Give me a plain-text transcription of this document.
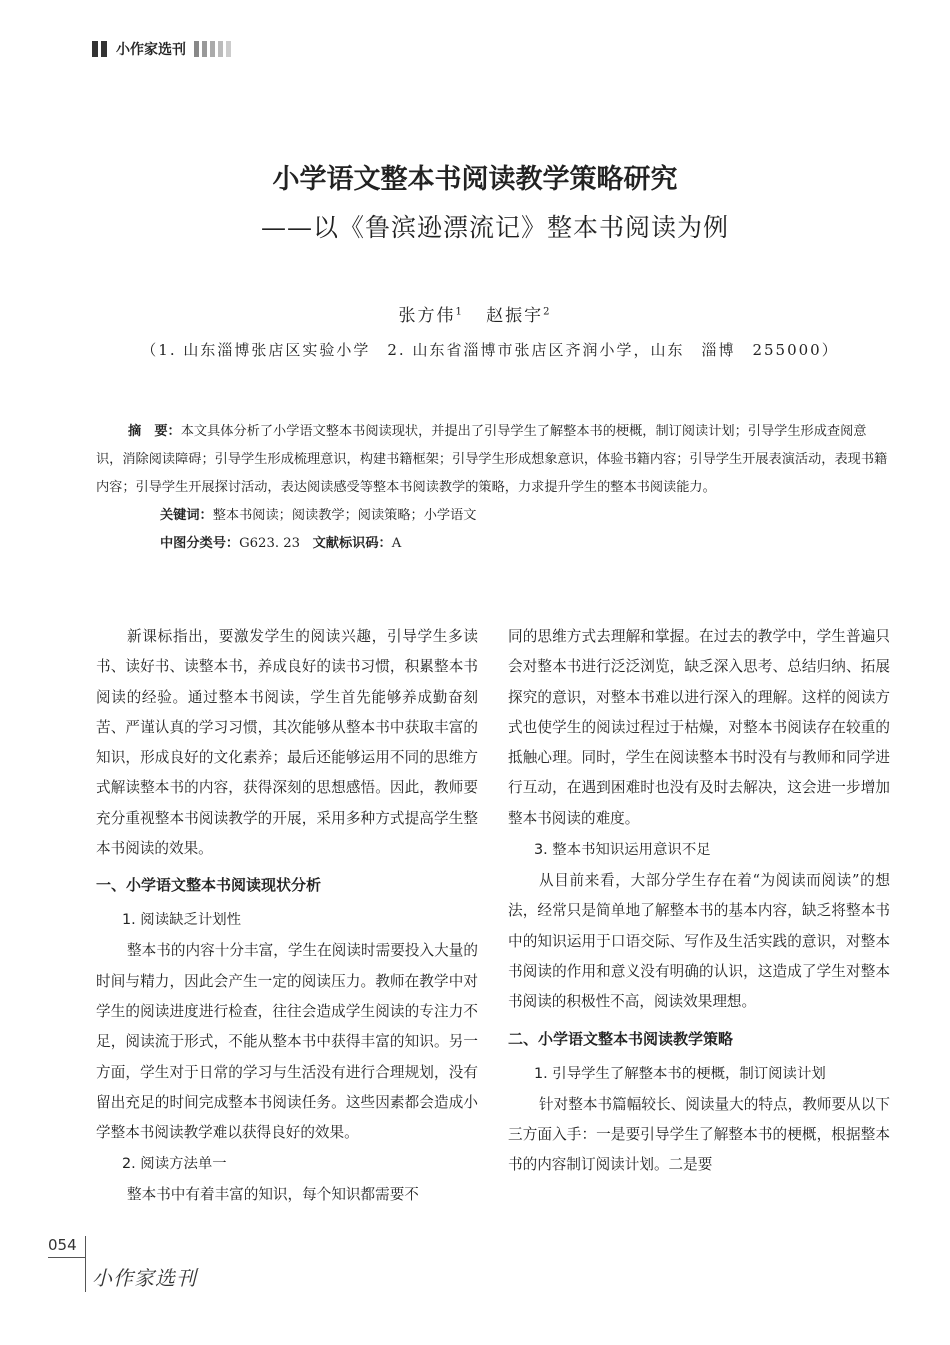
小作家选刊
小学语文整本书阅读教学策略研究
——以《鲁滨逊漂流记》整本书阅读为例
张方伟$^1$ 赵振宇$^2$
（1. 山东淄博张店区实验小学　2. 山东省淄博市张店区齐润小学，山东　淄博　255000）

摘　要：本文具体分析了小学语文整本书阅读现状，并提出了引导学生了解整本书的梗概，制订阅读计划；引导学生形成查阅意识，消除阅读障碍；引导学生形成梳理意识，构建书籍框架；引导学生形成想象意识，体验书籍内容；引导学生开展表演活动，表现书籍内容；引导学生开展探讨活动，表达阅读感受等整本书阅读教学的策略，力求提升学生的整本书阅读能力。

关键词：整本书阅读；阅读教学；阅读策略；小学语文

中图分类号：G623. 23 文献标识码：A

新课标指出，要激发学生的阅读兴趣，引导学生多读书、读好书、读整本书，养成良好的读书习惯，积累整本书阅读的经验。通过整本书阅读，学生首先能够养成勤奋刻苦、严谨认真的学习习惯，其次能够从整本书中获取丰富的知识，形成良好的文化素养；最后还能够运用不同的思维方式解读整本书的内容，获得深刻的思想感悟。因此，教师要充分重视整本书阅读教学的开展，采用多种方式提高学生整本书阅读的效果。

一、小学语文整本书阅读现状分析
1. 阅读缺乏计划性

整本书的内容十分丰富，学生在阅读时需要投入大量的时间与精力，因此会产生一定的阅读压力。教师在教学中对学生的阅读进度进行检查，往往会造成学生阅读的专注力不足，阅读流于形式，不能从整本书中获得丰富的知识。另一方面，学生对于日常的学习与生活没有进行合理规划，没有留出充足的时间完成整本书阅读任务。这些因素都会造成小学整本书阅读教学难以获得良好的效果。

2. 阅读方法单一

整本书中有着丰富的知识，每个知识都需要不

同的思维方式去理解和掌握。在过去的教学中，学生普遍只会对整本书进行泛泛浏览，缺乏深入思考、总结归纳、拓展探究的意识，对整本书难以进行深入的理解。这样的阅读方式也使学生的阅读过程过于枯燥，对整本书阅读存在较重的抵触心理。同时，学生在阅读整本书时没有与教师和同学进行互动，在遇到困难时也没有及时去解决，这会进一步增加整本书阅读的难度。

3. 整本书知识运用意识不足

从目前来看，大部分学生存在着“为阅读而阅读”的想法，经常只是简单地了解整本书的基本内容，缺乏将整本书中的知识运用于口语交际、写作及生活实践的意识，对整本书阅读的作用和意义没有明确的认识，这造成了学生对整本书阅读的积极性不高，阅读效果理想。

二、小学语文整本书阅读教学策略
1. 引导学生了解整本书的梗概，制订阅读计划

针对整本书篇幅较长、阅读量大的特点，教师要从以下三方面入手：一是要引导学生了解整本书的梗概，根据整本书的内容制订阅读计划。二是要

054
小作家选刊
